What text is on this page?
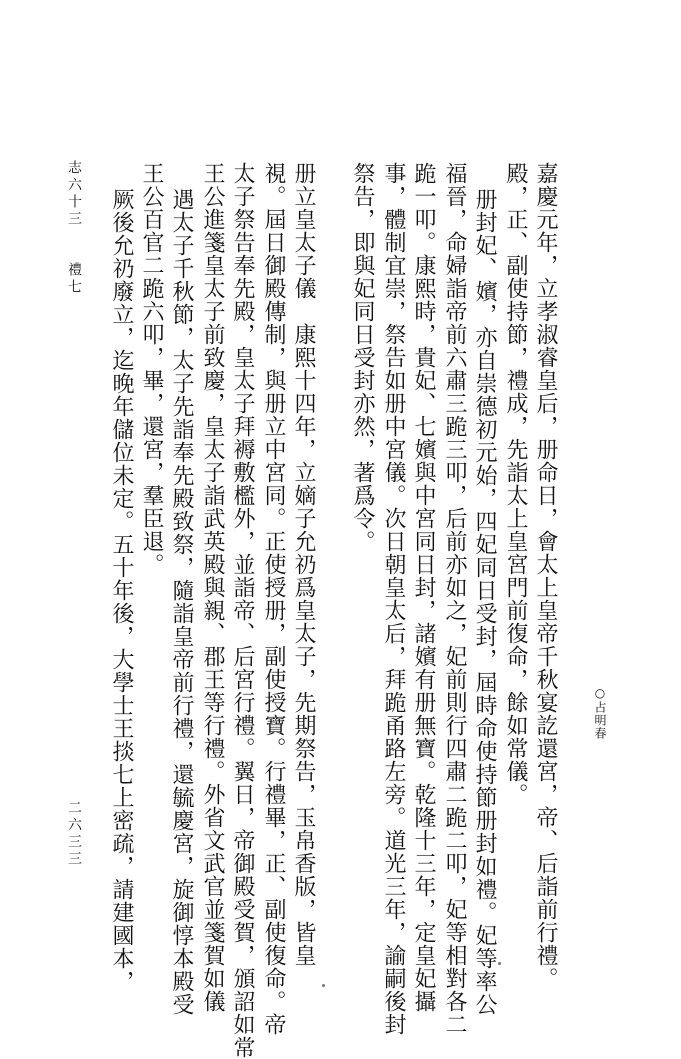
○占明春
嘉慶元年，立孝淑睿皇后，册命日，會太上皇帝千秋宴訖還宮，帝、后詣前行禮。
殿，正、副使持節，禮成，先詣太上皇宮門前復命，餘如常儀。
册封妃、嬪，亦自崇德初元始，四妃同日受封，屆時命使持節册封如禮。妃等率公
福晉，命婦詣帝前六肅三跪三叩，后前亦如之，妃前則行四肅二跪二叩，妃等相對各二
跪一叩。康熙時，貴妃、七嬪與中宮同日封，諸嬪有册無寶。乾隆十三年，定皇妃攝
事，體制宜崇，祭告如册中宮儀。次日朝皇太后，拜跪甬路左旁。道光三年，諭嗣後封
祭告，即與妃同日受封亦然，著爲令。
册立皇太子儀　康熙十四年，立嫡子允礽爲皇太子，先期祭告，玉帛香版，皆皇
視。屆日御殿傳制，與册立中宮同。正使授册，副使授寶。行禮畢，正、副使復命。帝
太子祭告奉先殿，皇太子拜褥敷檻外，並詣帝、后宮行禮。翼日，帝御殿受賀，頒詔如常
王公進箋皇太子前致慶，皇太子詣武英殿與親、郡王等行禮。外省文武官並箋賀如儀
遇太子千秋節，太子先詣奉先殿致祭，隨詣皇帝前行禮，還毓慶宮，旋御惇本殿受
王公百官二跪六叩，畢，還宮，羣臣退。
厥後允礽廢立，迄晚年儲位未定。五十年後，大學士王掞七上密疏，請建國本，
志六十三　　禮七
二六三三
